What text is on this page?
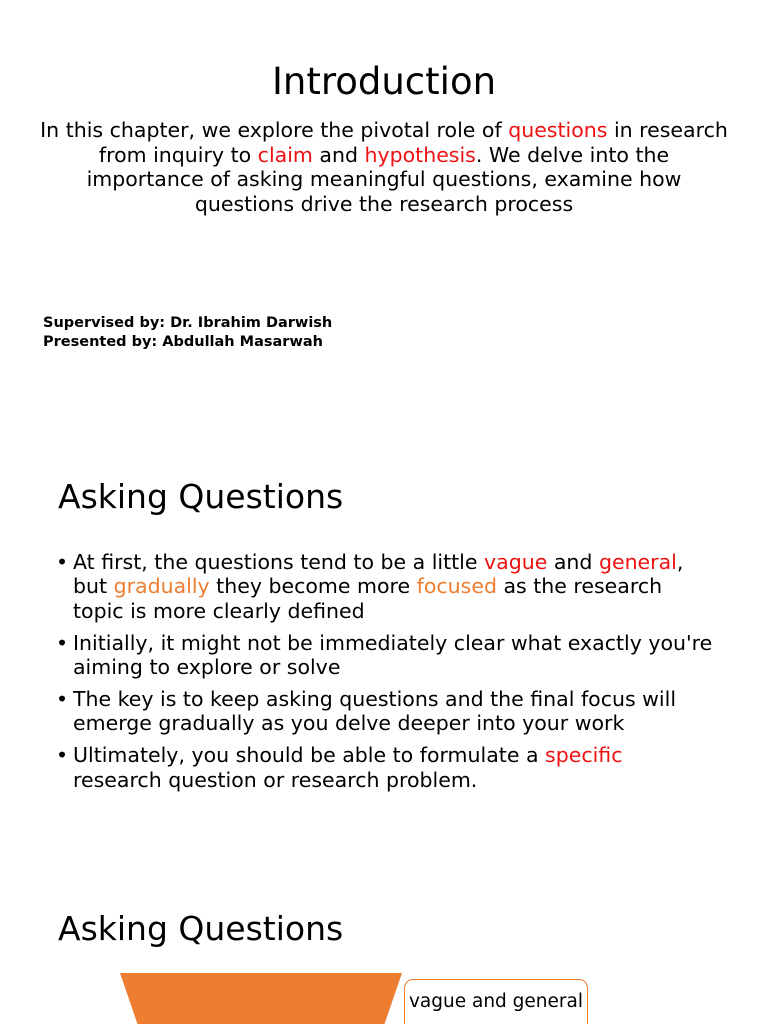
Introduction

In this chapter, we explore the pivotal role of questions in research from inquiry to claim and hypothesis. We delve into the importance of asking meaningful questions, examine how questions drive the research process

Supervised by: Dr. Ibrahim Darwish
Presented by: Abdullah Masarwah
Asking Questions
• At first, the questions tend to be a little vague and general, but gradually they become more focused as the research topic is more clearly defined
• Initially, it might not be immediately clear what exactly you're aiming to explore or solve
• The key is to keep asking questions and the final focus will emerge gradually as you delve deeper into your work
• Ultimately, you should be able to formulate a specific research question or research problem.
Asking Questions
vague and general
